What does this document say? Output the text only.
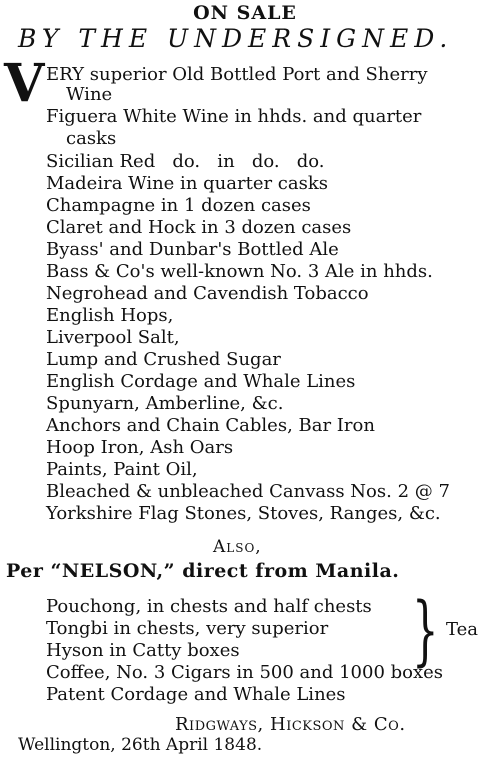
ON SALE
BY THE UNDERSIGNED.
V ERY superior Old Bottled Port and Sherry
Wine
Figuera White Wine in hhds. and quarter
casks
Sicilian Red   do.   in   do.   do.
Madeira Wine in quarter casks
Champagne in 1 dozen cases
Claret and Hock in 3 dozen cases
Byass' and Dunbar's Bottled Ale
Bass & Co's well-known No. 3 Ale in hhds.
Negrohead and Cavendish Tobacco
English Hops,
Liverpool Salt,
Lump and Crushed Sugar
English Cordage and Whale Lines
Spunyarn, Amberline, &c.
Anchors and Chain Cables, Bar Iron
Hoop Iron, Ash Oars
Paints, Paint Oil,
Bleached & unbleached Canvass Nos. 2 @ 7
Yorkshire Flag Stones, Stoves, Ranges, &c.
Also,
Per “NELSON,” direct from Manila.
Pouchong, in chests and half chests
Tongbi in chests, very superior
Hyson in Catty boxes } Tea
Coffee, No. 3 Cigars in 500 and 1000 boxes
Patent Cordage and Whale Lines
Ridgways, Hickson & Co.
Wellington, 26th April 1848.
